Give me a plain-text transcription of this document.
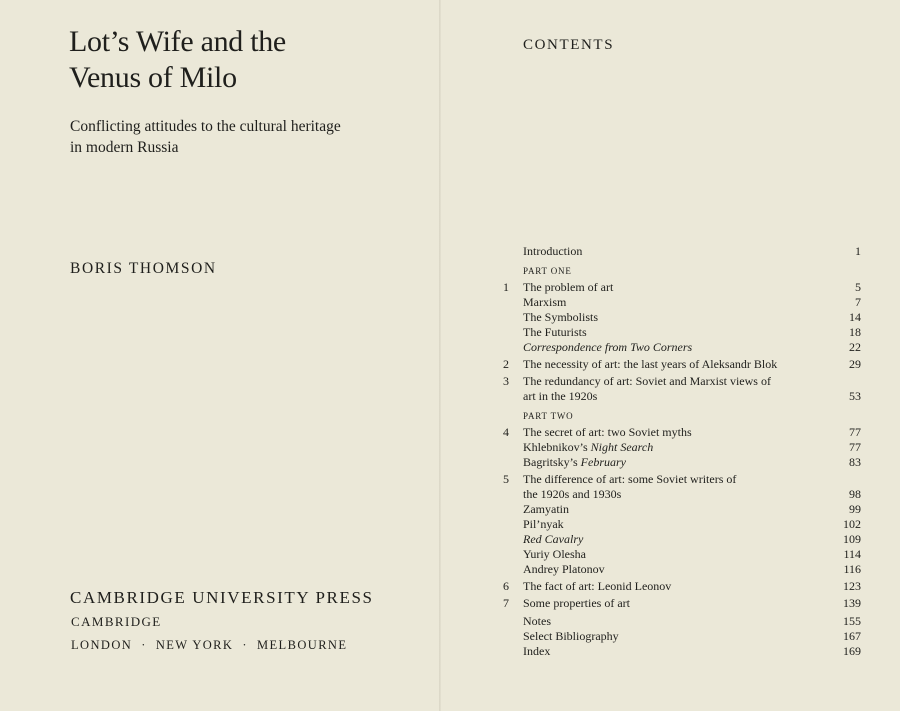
Lot’s Wife and the
Venus of Milo

Conflicting attitudes to the cultural heritage
in modern Russia

BORIS THOMSON
CAMBRIDGE UNIVERSITY PRESS
CAMBRIDGE
LONDON  ·  NEW YORK  ·  MELBOURNE
CONTENTS
Introduction	1
PART ONE
1	The problem of art	5
Marxism	7
The Symbolists	14
The Futurists	18
Correspondence from Two Corners	22
2	The necessity of art: the last years of Aleksandr Blok	29
3	The redundancy of art: Soviet and Marxist views of
art in the 1920s	53
PART TWO
4	The secret of art: two Soviet myths	77
Khlebnikov’s Night Search	77
Bagritsky’s February	83
5	The difference of art: some Soviet writers of
the 1920s and 1930s	98
Zamyatin	99
Pil’nyak	102
Red Cavalry	109
Yuriy Olesha	114
Andrey Platonov	116
6	The fact of art: Leonid Leonov	123
7	Some properties of art	139
Notes	155
Select Bibliography	167
Index	169
